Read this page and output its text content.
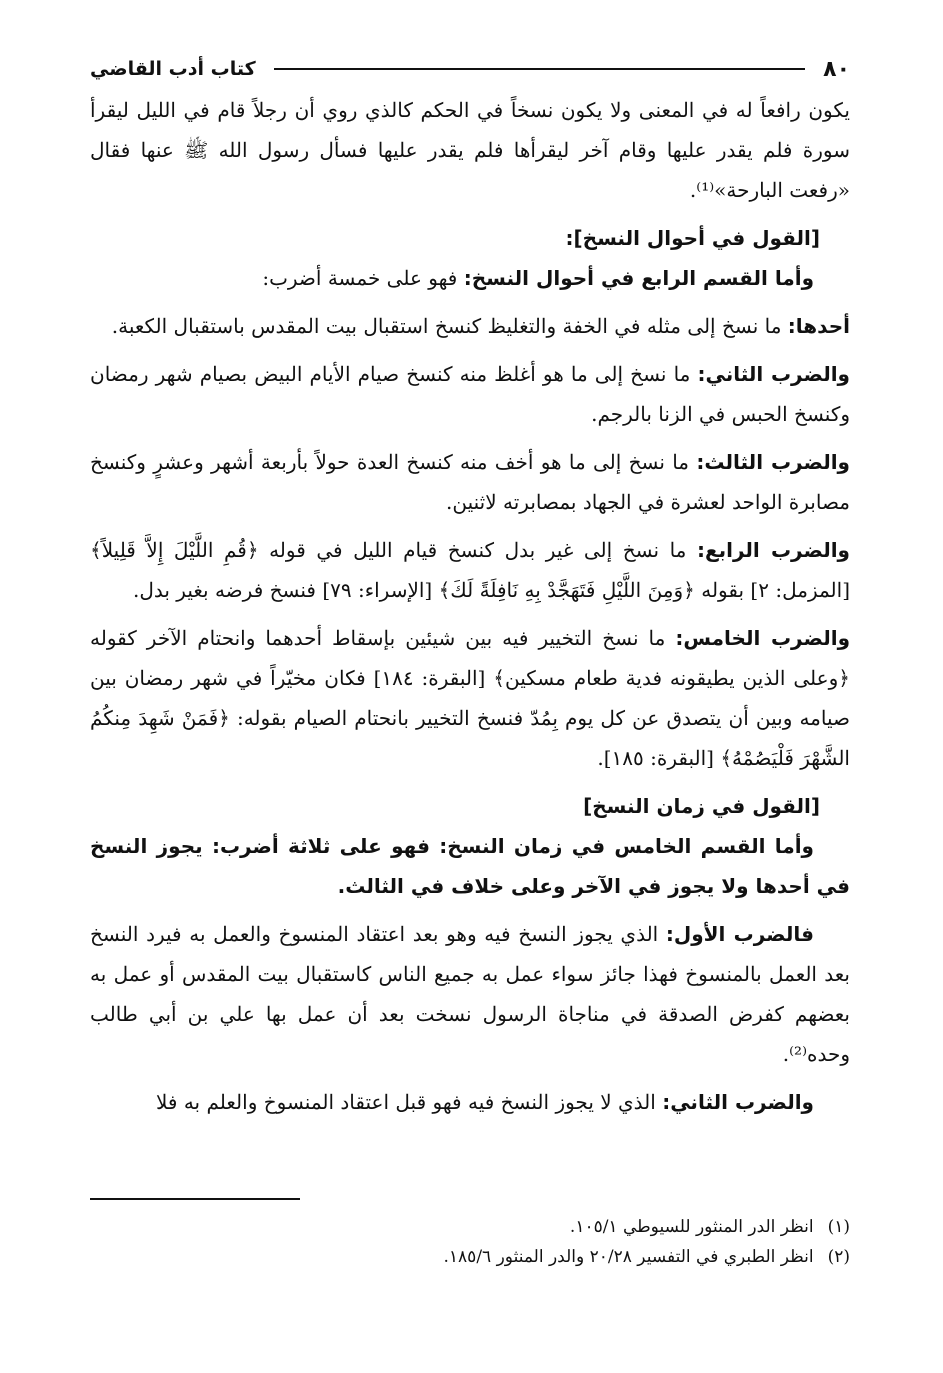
٨٠
كتاب أدب القاضي

يكون رافعاً له في المعنى ولا يكون نسخاً في الحكم كالذي روي أن رجلاً قام في الليل ليقرأ سورة فلم يقدر عليها وقام آخر ليقرأها فلم يقدر عليها فسأل رسول الله ﷺ عنها فقال «رفعت البارحة»⁽¹⁾.

[القول في أحوال النسخ]:

وأما القسم الرابع في أحوال النسخ: فهو على خمسة أضرب:

أحدها: ما نسخ إلى مثله في الخفة والتغليظ كنسخ استقبال بيت المقدس باستقبال الكعبة.

والضرب الثاني: ما نسخ إلى ما هو أغلظ منه كنسخ صيام الأيام البيض بصيام شهر رمضان وكنسخ الحبس في الزنا بالرجم.

والضرب الثالث: ما نسخ إلى ما هو أخف منه كنسخ العدة حولاً بأربعة أشهر وعشرٍ وكنسخ مصابرة الواحد لعشرة في الجهاد بمصابرته لاثنين.

والضرب الرابع: ما نسخ إلى غير بدل كنسخ قيام الليل في قوله ﴿قُمِ اللَّيْلَ إِلاَّ قَلِيلاً﴾ [المزمل: ٢] بقوله ﴿وَمِنَ اللَّيْلِ فَتَهَجَّدْ بِهِ نَافِلَةً لَكَ﴾ [الإسراء: ٧٩] فنسخ فرضه بغير بدل.

والضرب الخامس: ما نسخ التخيير فيه بين شيئين بإسقاط أحدهما وانحتام الآخر كقوله ﴿وعلى الذين يطيقونه فدية طعام مسكين﴾ [البقرة: ١٨٤] فكان مخيّراً في شهر رمضان بين صيامه وبين أن يتصدق عن كل يوم بِمُدّ فنسخ التخيير بانحتام الصيام بقوله: ﴿فَمَنْ شَهِدَ مِنكُمُ الشَّهْرَ فَلْيَصُمْهُ﴾ [البقرة: ١٨٥].

[القول في زمان النسخ]

وأما القسم الخامس في زمان النسخ: فهو على ثلاثة أضرب: يجوز النسخ في أحدها ولا يجوز في الآخر وعلى خلاف في الثالث.

فالضرب الأول: الذي يجوز النسخ فيه وهو بعد اعتقاد المنسوخ والعمل به فيرد النسخ بعد العمل بالمنسوخ فهذا جائز سواء عمل به جميع الناس كاستقبال بيت المقدس أو عمل به بعضهم كفرض الصدقة في مناجاة الرسول نسخت بعد أن عمل بها علي بن أبي طالب وحده⁽²⁾.

والضرب الثاني: الذي لا يجوز النسخ فيه فهو قبل اعتقاد المنسوخ والعلم به فلا

(١)
انظر الدر المنثور للسيوطي ١٠٥/١.
(٢)
انظر الطبري في التفسير ٢٠/٢٨ والدر المنثور ١٨٥/٦.
